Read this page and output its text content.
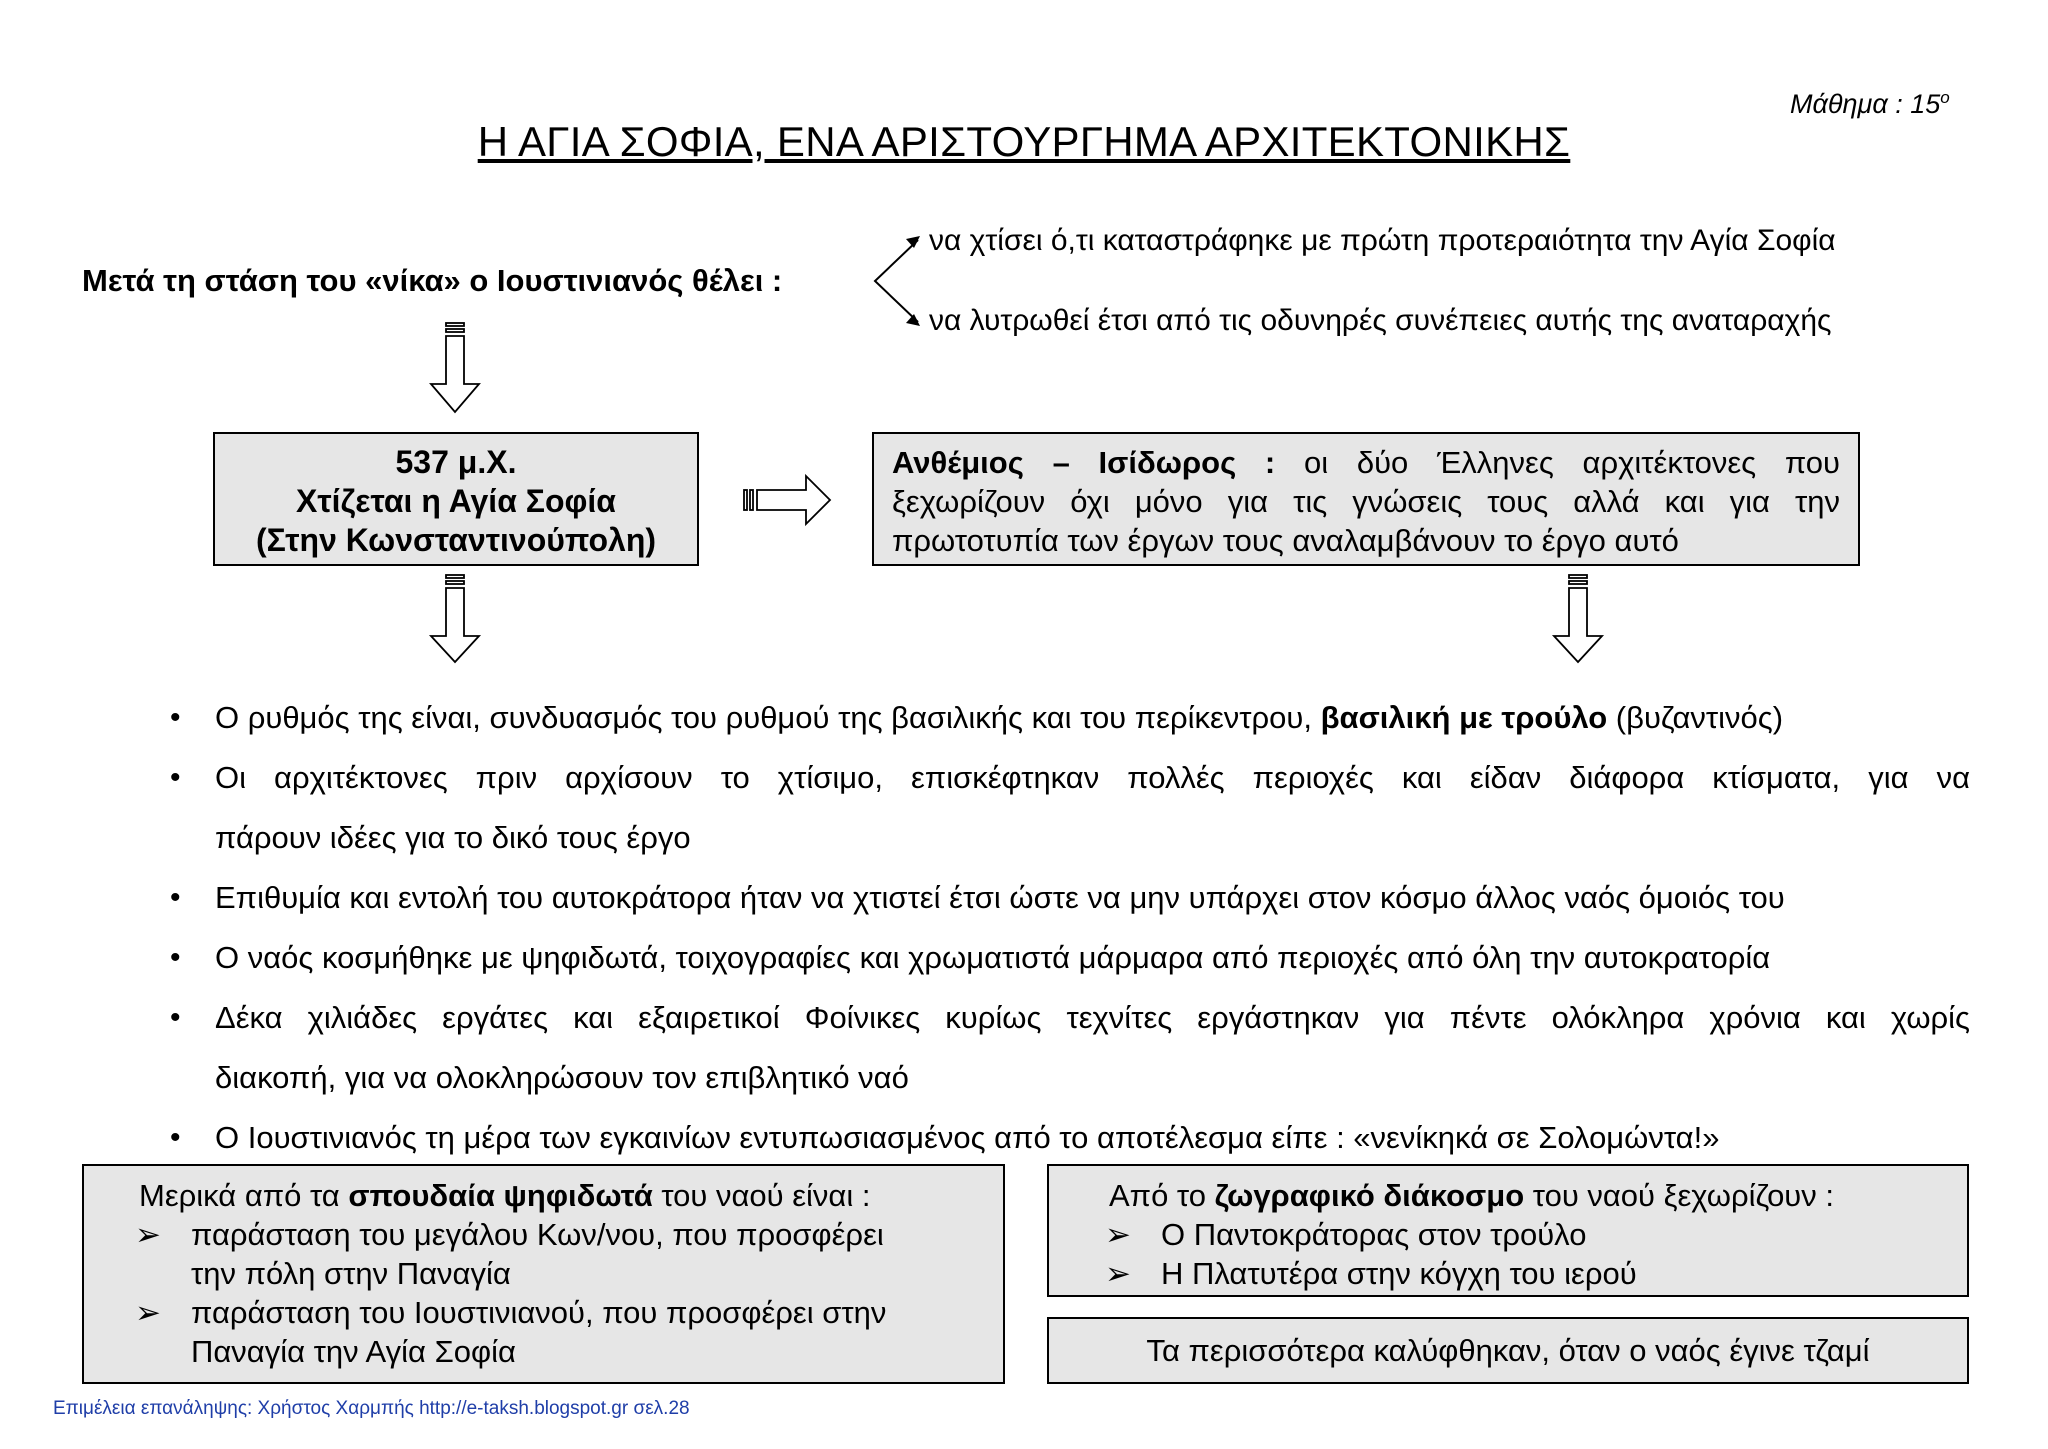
Μάθημα : $15^o$
Η ΑΓΙΑ ΣΟΦΙΑ, ΕΝΑ ΑΡΙΣΤΟΥΡΓΗΜΑ ΑΡΧΙΤΕΚΤΟΝΙΚΗΣ
Μετά τη στάση του «νίκα» ο Ιουστινιανός θέλει :
να χτίσει ό,τι καταστράφηκε με πρώτη προτεραιότητα την Αγία Σοφία
να λυτρωθεί έτσι από τις οδυνηρές συνέπειες αυτής της αναταραχής
537 μ.Χ.
Χτίζεται η Αγία Σοφία
(Στην Κωνσταντινούπολη)
Ανθέμιος – Ισίδωρος : οι δύο Έλληνες αρχιτέκτονες που
ξεχωρίζουν όχι μόνο για τις γνώσεις τους αλλά και για την
πρωτοτυπία των έργων τους αναλαμβάνουν το έργο αυτό
• Ο ρυθμός της είναι, συνδυασμός του ρυθμού της βασιλικής και του περίκεντρου, βασιλική με τρούλο (βυζαντινός)
• Οι αρχιτέκτονες πριν αρχίσουν το χτίσιμο, επισκέφτηκαν πολλές περιοχές και είδαν διάφορα κτίσματα, για να
πάρουν ιδέες για το δικό τους έργο
• Επιθυμία και εντολή του αυτοκράτορα ήταν να χτιστεί έτσι ώστε να μην υπάρχει στον κόσμο άλλος ναός όμοιός του
• Ο ναός κοσμήθηκε με ψηφιδωτά, τοιχογραφίες και χρωματιστά μάρμαρα από περιοχές από όλη την αυτοκρατορία
• Δέκα χιλιάδες εργάτες και εξαιρετικοί Φοίνικες κυρίως τεχνίτες εργάστηκαν για πέντε ολόκληρα χρόνια και χωρίς
διακοπή, για να ολοκληρώσουν τον επιβλητικό ναό
• Ο Ιουστινιανός τη μέρα των εγκαινίων εντυπωσιασμένος από το αποτέλεσμα είπε : «νενίκηκά σε Σολομώντα!»
Μερικά από τα σπουδαία ψηφιδωτά του ναού είναι :
➢ παράσταση του μεγάλου Κων/νου, που προσφέρει
την πόλη στην Παναγία
➢ παράσταση του Ιουστινιανού, που προσφέρει στην
Παναγία την Αγία Σοφία
Από το ζωγραφικό διάκοσμο του ναού ξεχωρίζουν :
➢ Ο Παντοκράτορας στον τρούλο
➢ Η Πλατυτέρα στην κόγχη του ιερού
Τα περισσότερα καλύφθηκαν, όταν ο ναός έγινε τζαμί
Επιμέλεια επανάληψης: Χρήστος Χαρμπής http://e-taksh.blogspot.gr σελ.28
